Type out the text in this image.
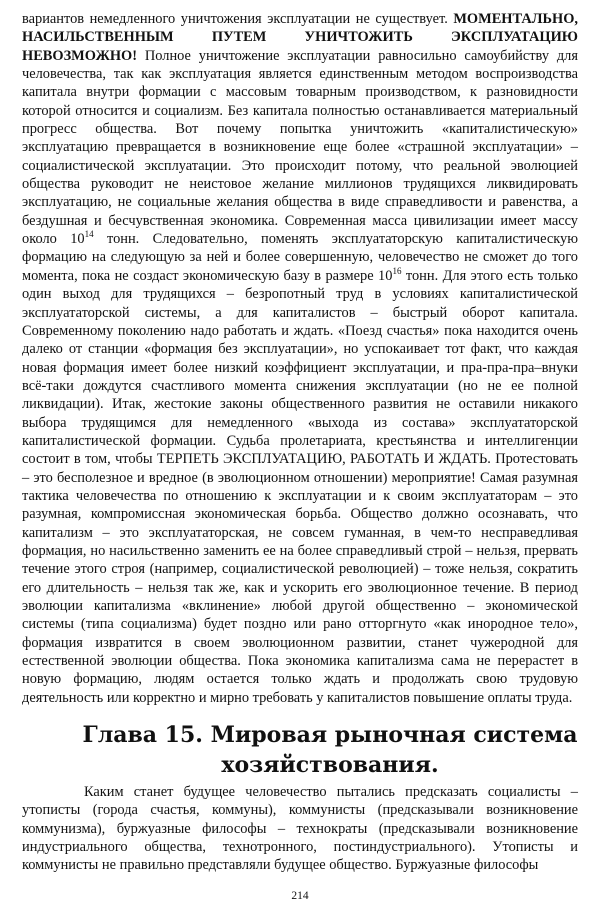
вариантов немедленного уничтожения эксплуатации не существует. МОМЕНТАЛЬНО, НАСИЛЬСТВЕННЫМ ПУТЕМ УНИЧТОЖИТЬ ЭКСПЛУАТАЦИЮ НЕВОЗМОЖНО! Полное уничтожение эксплуатации равносильно самоубийству для человечества, так как эксплуатация является единственным методом воспроизводства капитала внутри формации с массовым товарным производством, к разновидности которой относится и социализм. Без капитала полностью останавливается материальный прогресс общества. Вот почему попытка уничтожить «капиталистическую» эксплуатацию превращается в возникновение еще более «страшной эксплуатации» – социалистической эксплуатации. Это происходит потому, что реальной эволюцией общества руководит не неистовое желание миллионов трудящихся ликвидировать эксплуатацию, не социальные желания общества в виде справедливости и равенства, а бездушная и бесчувственная экономика. Современная масса цивилизации имеет массу около $10^{14}$ тонн. Следовательно, поменять эксплуататорскую капиталистическую формацию на следующую за ней и более совершенную, человечество не сможет до того момента, пока не создаст экономическую базу в размере $10^{16}$ тонн. Для этого есть только один выход для трудящихся – безропотный труд в условиях капиталистической эксплуататорской системы, а для капиталистов – быстрый оборот капитала. Современному поколению надо работать и ждать. «Поезд счастья» пока находится очень далеко от станции «формация без эксплуатации», но успокаивает тот факт, что каждая новая формация имеет более низкий коэффициент эксплуатации, и пра-пра-пра–внуки всё-таки дождутся счастливого момента снижения эксплуатации (но не ее полной ликвидации). Итак, жестокие законы общественного развития не оставили никакого выбора трудящимся для немедленного «выхода из состава» эксплуататорской капиталистической формации. Судьба пролетариата, крестьянства и интеллигенции состоит в том, чтобы ТЕРПЕТЬ ЭКСПЛУАТАЦИЮ, РАБОТАТЬ И ЖДАТЬ. Протестовать – это бесполезное и вредное (в эволюционном отношении) мероприятие! Самая разумная тактика человечества по отношению к эксплуатации и к своим эксплуататорам – это разумная, компромиссная экономическая борьба. Общество должно осознавать, что капитализм – это эксплуататорская, не совсем гуманная, в чем-то несправедливая формация, но насильственно заменить ее на более справедливый строй – нельзя, прервать течение этого строя (например, социалистической революцией) – тоже нельзя, сократить его длительность – нельзя так же, как и ускорить его эволюционное течение. В период эволюции капитализма «вклинение» любой другой общественно – экономической системы (типа социализма) будет поздно или рано отторгнуто «как инородное тело», формация извратится в своем эволюционном развитии, станет чужеродной для естественной эволюции общества. Пока экономика капитализма сама не перерастет в новую формацию, людям остается только ждать и продолжать свою трудовую деятельность или корректно и мирно требовать у капиталистов повышение оплаты труда.

Глава 15. Мировая рыночная система
хозяйствования.

Каким станет будущее человечество пытались предсказать социалисты – утописты (города счастья, коммуны), коммунисты (предсказывали возникновение коммунизма), буржуазные философы – технократы (предсказывали возникновение индустриального общества, технотронного, постиндустриального). Утописты и коммунисты не правильно представляли будущее общество. Буржуазные философы

214
